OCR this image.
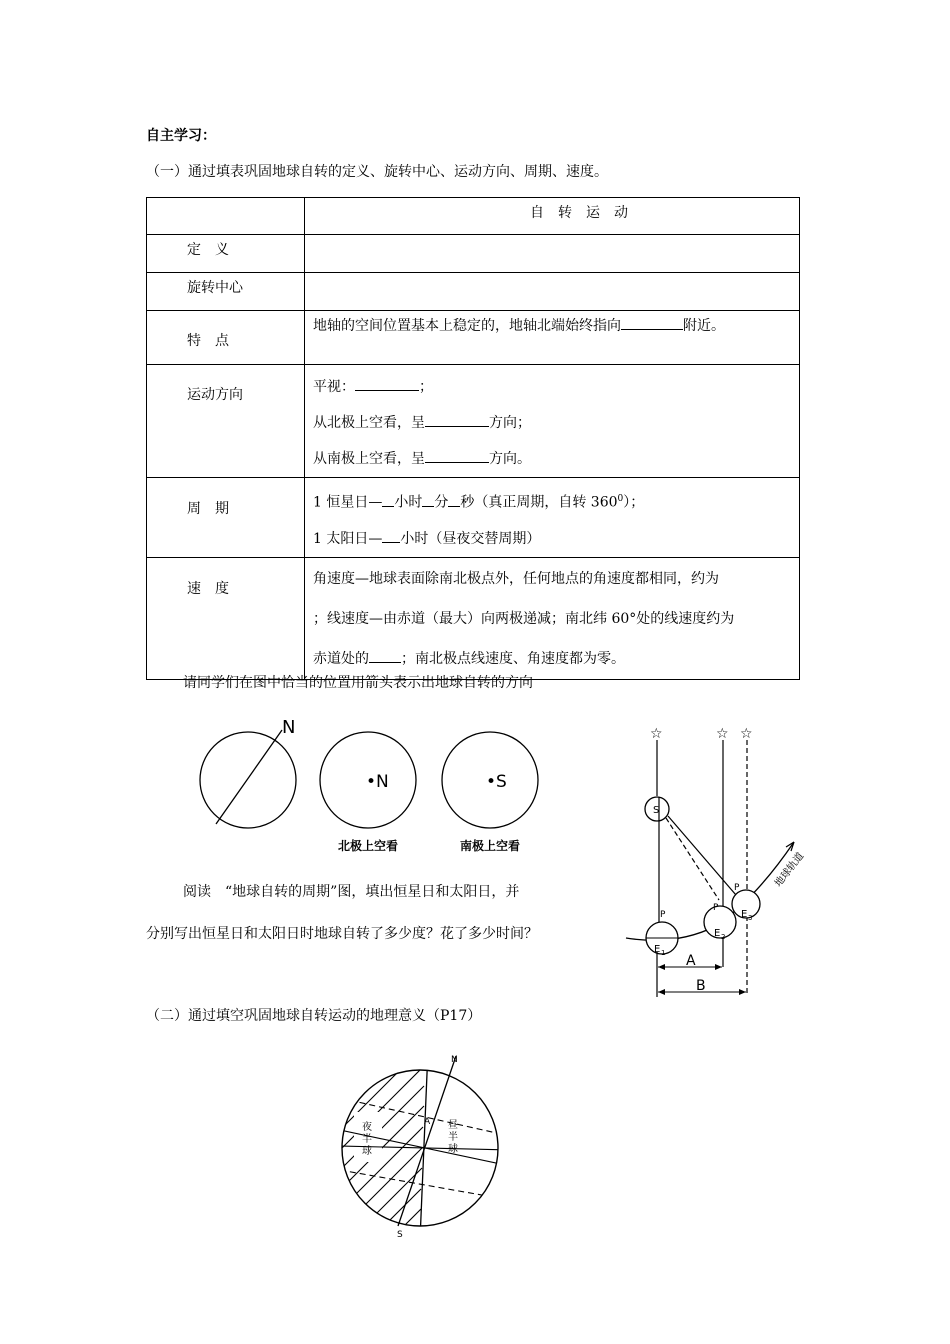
自主学习：
（一）通过填表巩固地球自转的定义、旋转中心、运动方向、周期、速度。

	自　转　运　动

定　义	

旋转中心	

特　点	地轴的空间位置基本上稳定的，地轴北端始终指向 附近。

运动方向	平视： ；
从北极上空看，呈 方向；
从南极上空看，呈 方向。

周　期	1 恒星日— 小时 分 秒（真正周期，自转 $360^0$）；
1 太阳日— 小时（昼夜交替周期）

速　度	角速度—地球表面除南北极点外，任何地点的角速度都相同，约为
；线速度—由赤道（最大）向两极递减；南北纬 60°处的线速度约为
赤道处的 ；南北极点线速度、角速度都为零。
请同学们在图中恰当的位置用箭头表示出地球自转的方向
N
•N	•S
北极上空看	南极上空看
阅读　“地球自转的周期”图，填出恒星日和太阳日，并
分别写出恒星日和太阳日时地球自转了多少度？花了多少时间？
☆	☆ ☆
S
地球轨道
E 1
P
E 2
P
E 3
P
A
B
（二）通过填空巩固地球自转运动的地理意义（P17）
N
S
A
夜
半
球
昼
半
球
